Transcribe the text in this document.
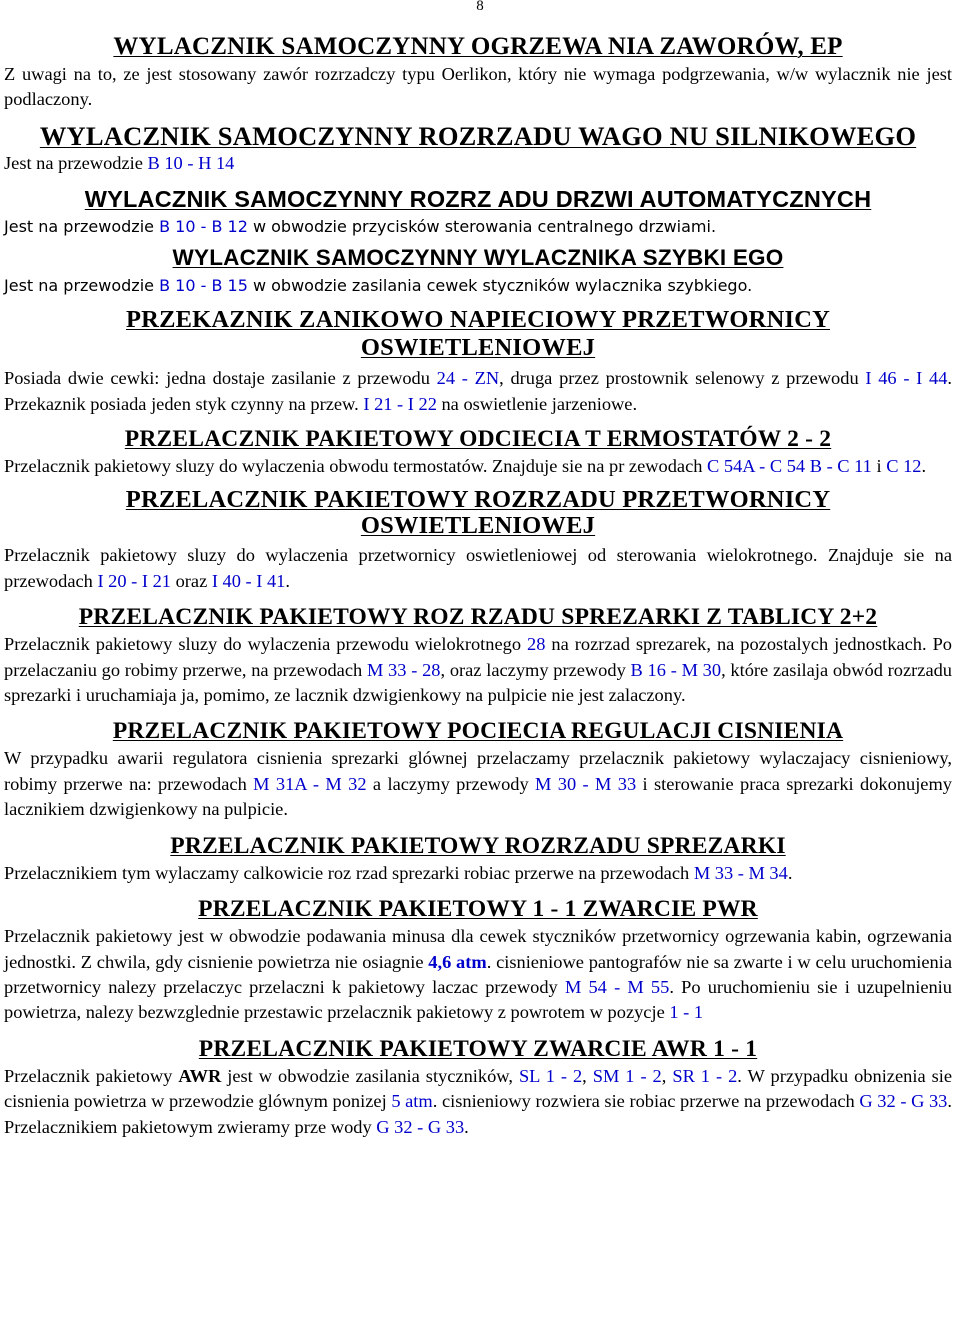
8
WYLACZNIK SAMOCZYNNY OGRZEWA NIA ZAWORÓW, EP

Z uwagi na to, ze jest stosowany zawór rozrzadczy typu Oerlikon, który nie wymaga podgrzewania, w/w wylacznik nie jest podlaczony.

WYLACZNIK SAMOCZYNNY ROZRZADU WAGO NU SILNIKOWEGO

Jest na przewodzie B 10 - H 14

WYLACZNIK SAMOCZYNNY ROZRZ ADU DRZWI AUTOMATYCZNYCH

Jest na przewodzie B 10 - B 12 w obwodzie przycisków sterowania centralnego drzwiami.

WYLACZNIK SAMOCZYNNY WYLACZNIKA SZYBKI EGO

Jest na przewodzie B 10 - B 15 w obwodzie zasilania cewek styczników wylacznika szybkiego.

PRZEKAZNIK ZANIKOWO NAPIECIOWY PRZETWORNICY
OSWIETLENIOWEJ

Posiada dwie cewki: jedna dostaje zasilanie z przewodu 24 - ZN, druga przez prostownik selenowy z przewodu I 46 - I 44. Przekaznik posiada jeden styk czynny na przew. I 21 - I 22 na oswietlenie jarzeniowe.

PRZELACZNIK PAKIETOWY ODCIECIA T ERMOSTATÓW 2 - 2

Przelacznik pakietowy sluzy do wylaczenia obwodu termostatów. Znajduje sie na pr zewodach C 54A - C 54 B - C 11 i C 12.

PRZELACZNIK PAKIETOWY ROZRZADU PRZETWORNICY
OSWIETLENIOWEJ

Przelacznik pakietowy sluzy do wylaczenia przetwornicy oswietleniowej od sterowania wielokrotnego. Znajduje sie na przewodach I 20 - I 21 oraz I 40 - I 41.

PRZELACZNIK PAKIETOWY ROZ RZADU SPREZARKI Z TABLICY 2+2

Przelacznik pakietowy sluzy do wylaczenia przewodu wielokrotnego 28 na rozrzad sprezarek, na pozostalych jednostkach. Po przelaczaniu go robimy przerwe, na przewodach M 33 - 28, oraz laczymy przewody B 16 - M 30, które zasilaja obwód rozrzadu sprezarki i uruchamiaja ja, pomimo, ze lacznik dzwigienkowy na pulpicie nie jest zalaczony.

PRZELACZNIK PAKIETOWY POCIECIA REGULACJI CISNIENIA

W przypadku awarii regulatora cisnienia sprezarki glównej przelaczamy przelacznik pakietowy wylaczajacy cisnieniowy, robimy przerwe na: przewodach M 31A - M 32 a laczymy przewody M 30 - M 33 i sterowanie praca sprezarki dokonujemy lacznikiem dzwigienkowy na pulpicie.

PRZELACZNIK PAKIETOWY ROZRZADU SPREZARKI

Przelacznikiem tym wylaczamy calkowicie roz rzad sprezarki robiac przerwe na przewodach M 33 - M 34.

PRZELACZNIK PAKIETOWY 1 - 1 ZWARCIE PWR

Przelacznik pakietowy jest w obwodzie podawania minusa dla cewek styczników przetwornicy ogrzewania kabin, ogrzewania jednostki. Z chwila, gdy cisnienie powietrza nie osiagnie 4,6 atm. cisnieniowe pantografów nie sa zwarte i w celu uruchomienia przetwornicy nalezy przelaczyc przelaczni k pakietowy laczac przewody M 54 - M 55. Po uruchomieniu sie i uzupelnieniu powietrza, nalezy bezwzglednie przestawic przelacznik pakietowy z powrotem w pozycje 1 - 1

PRZELACZNIK PAKIETOWY ZWARCIE AWR 1 - 1

Przelacznik pakietowy AWR jest w obwodzie zasilania styczników, SL 1 - 2, SM 1 - 2, SR 1 - 2. W przypadku obnizenia sie cisnienia powietrza w przewodzie glównym ponizej 5 atm. cisnieniowy rozwiera sie robiac przerwe na przewodach G 32 - G 33. Przelacznikiem pakietowym zwieramy prze wody G 32 - G 33.
